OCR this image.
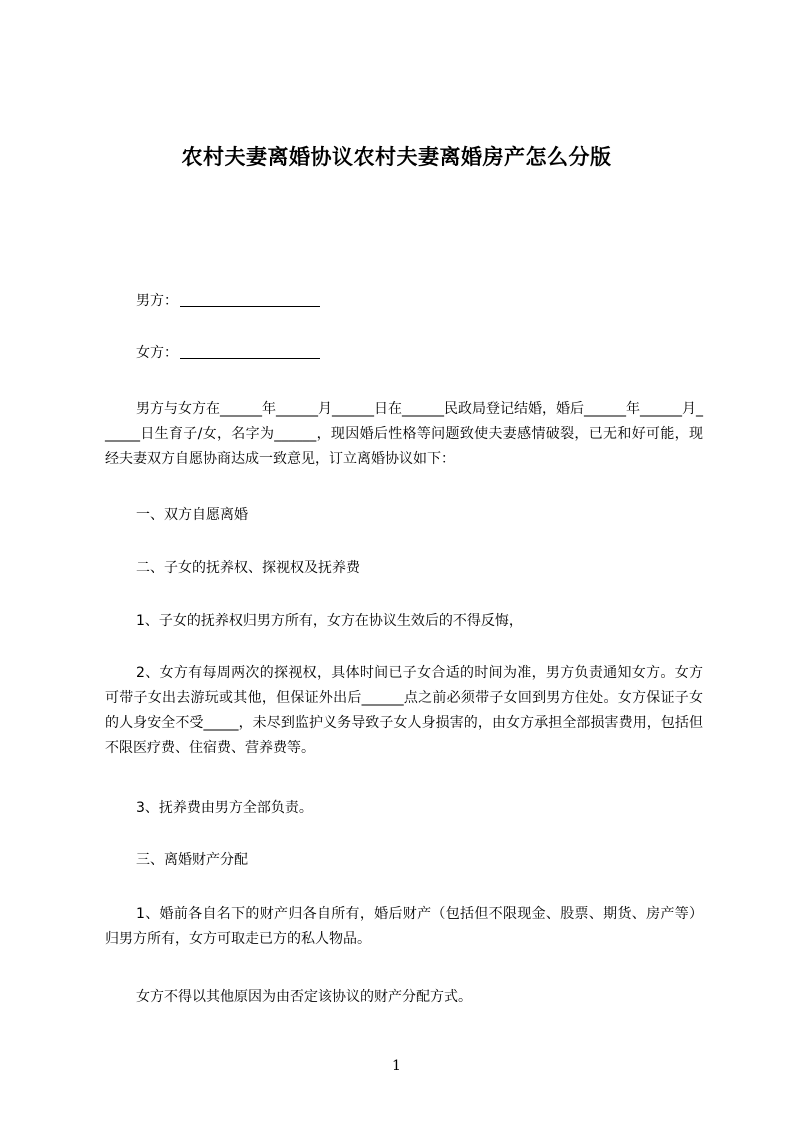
农村夫妻离婚协议农村夫妻离婚房产怎么分版
男方：
女方：
男方与女方在______年______月______日在______民政局登记结婚，婚后______年______月______日生育子/女，名字为______，现因婚后性格等问题致使夫妻感情破裂，已无和好可能，现经夫妻双方自愿协商达成一致意见，订立离婚协议如下：
一、双方自愿离婚
二、子女的抚养权、探视权及抚养费
1、子女的抚养权归男方所有，女方在协议生效后的不得反悔，
2、女方有每周两次的探视权，具体时间已子女合适的时间为准，男方负责通知女方。女方可带子女出去游玩或其他，但保证外出后______点之前必须带子女回到男方住处。女方保证子女的人身安全不受_____，未尽到监护义务导致子女人身损害的，由女方承担全部损害费用，包括但不限医疗费、住宿费、营养费等。
3、抚养费由男方全部负责。
三、离婚财产分配
1、婚前各自名下的财产归各自所有，婚后财产（包括但不限现金、股票、期货、房产等）归男方所有，女方可取走已方的私人物品。
女方不得以其他原因为由否定该协议的财产分配方式。
1
